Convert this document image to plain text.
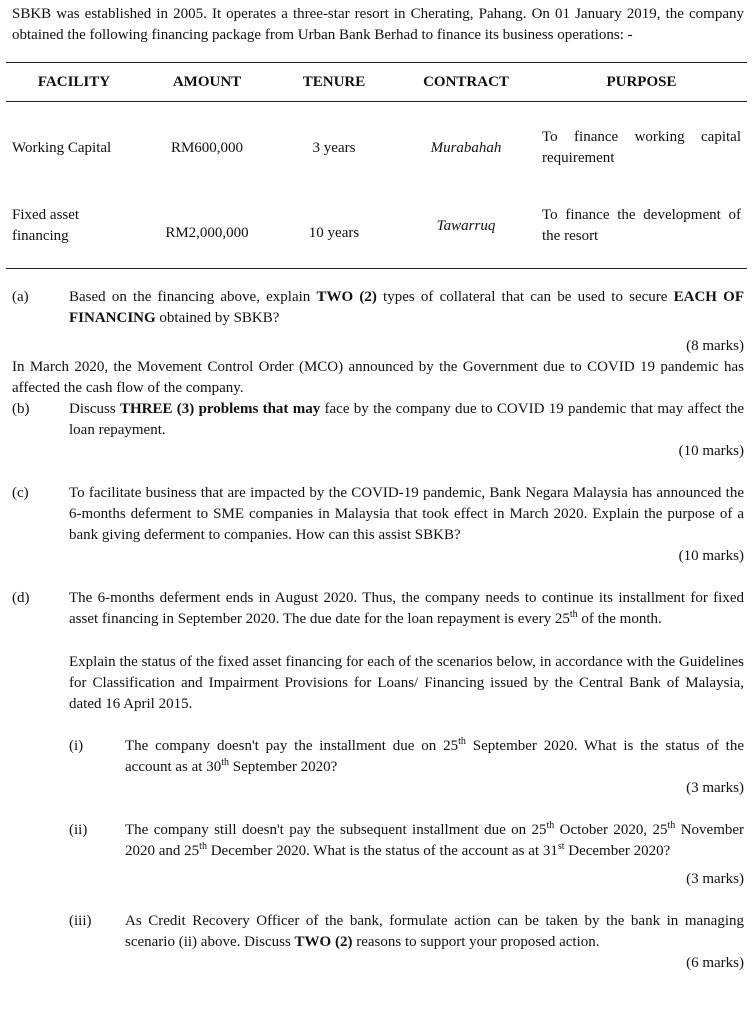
SBKB was established in 2005. It operates a three-star resort in Cherating, Pahang. On 01 January 2019, the company obtained the following financing package from Urban Bank Berhad to finance its business operations: -

FACILITY	AMOUNT	TENURE	CONTRACT	PURPOSE

Working Capital	RM600,000	3 years	Murabahah	To finance working capital requirement
Fixed asset financing	RM2,000,000	10 years	Tawarruq	To finance the development of the resort
(a)	Based on the financing above, explain TWO (2) types of collateral that can be used to secure EACH OF FINANCING obtained by SBKB?
(8 marks)
In March 2020, the Movement Control Order (MCO) announced by the Government due to COVID 19 pandemic has affected the cash flow of the company.
(b)	Discuss THREE (3) problems that may face by the company due to COVID 19 pandemic that may affect the loan repayment.
(10 marks)
(c)	To facilitate business that are impacted by the COVID-19 pandemic, Bank Negara Malaysia has announced the 6-months deferment to SME companies in Malaysia that took effect in March 2020. Explain the purpose of a bank giving deferment to companies. How can this assist SBKB?
(10 marks)
(d)	The 6-months deferment ends in August 2020. Thus, the company needs to continue its installment for fixed asset financing in September 2020. The due date for the loan repayment is every 25th of the month.
Explain the status of the fixed asset financing for each of the scenarios below, in accordance with the Guidelines for Classification and Impairment Provisions for Loans/ Financing issued by the Central Bank of Malaysia, dated 16 April 2015.
(i)	The company doesn't pay the installment due on 25th September 2020. What is the status of the account as at 30th September 2020?
(3 marks)
(ii)	The company still doesn't pay the subsequent installment due on 25th October 2020, 25th November 2020 and 25th December 2020. What is the status of the account as at 31st December 2020?
(3 marks)
(iii) As Credit Recovery Officer of the bank, formulate action can be taken by the bank in managing scenario (ii) above. Discuss TWO (2) reasons to support your proposed action.
(6 marks)
